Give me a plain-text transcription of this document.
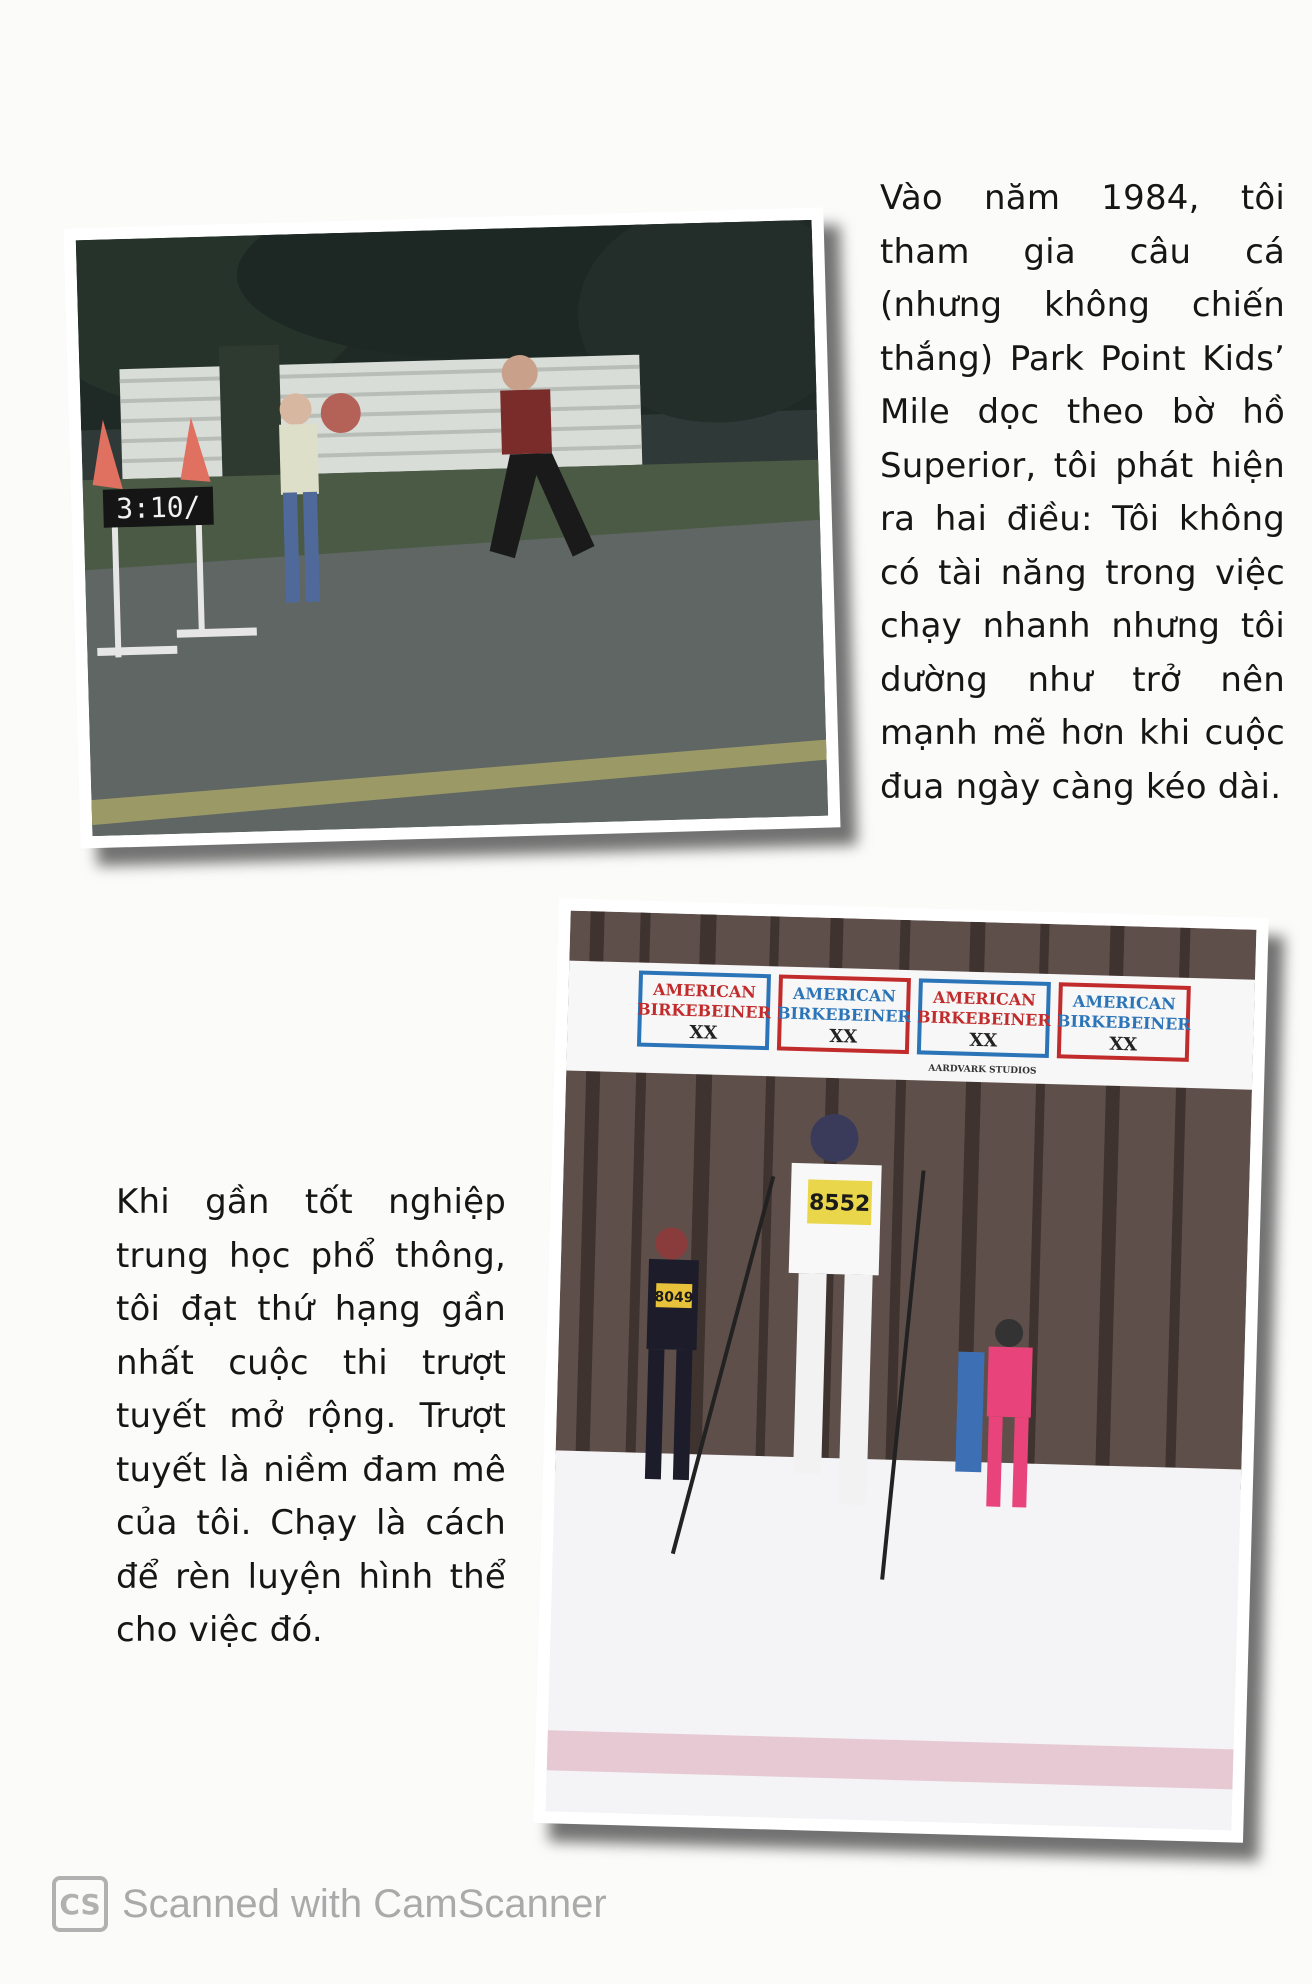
3:10/

Vào năm 1984, tôi tham gia câu cá (nhưng không chiến thắng) Park Point Kids’ Mile dọc theo bờ hồ Superior, tôi phát hiện ra hai điều: Tôi không có tài năng trong việc chạy nhanh nhưng tôi dường như trở nên mạnh mẽ hơn khi cuộc đua ngày càng kéo dài.

AMERICAN
BIRKEBEINER
XX
AMERICAN
BIRKEBEINER
XX
AMERICAN
BIRKEBEINER
XX
AARDVARK STUDIOS
AMERICAN
BIRKEBEINER
XX
8552
8049

Khi gần tốt nghiệp trung học phổ thông, tôi đạt thứ hạng gần nhất cuộc thi trượt tuyết mở rộng. Trượt tuyết là niềm đam mê của tôi. Chạy là cách để rèn luyện hình thể cho việc đó.

CS Scanned with CamScanner
